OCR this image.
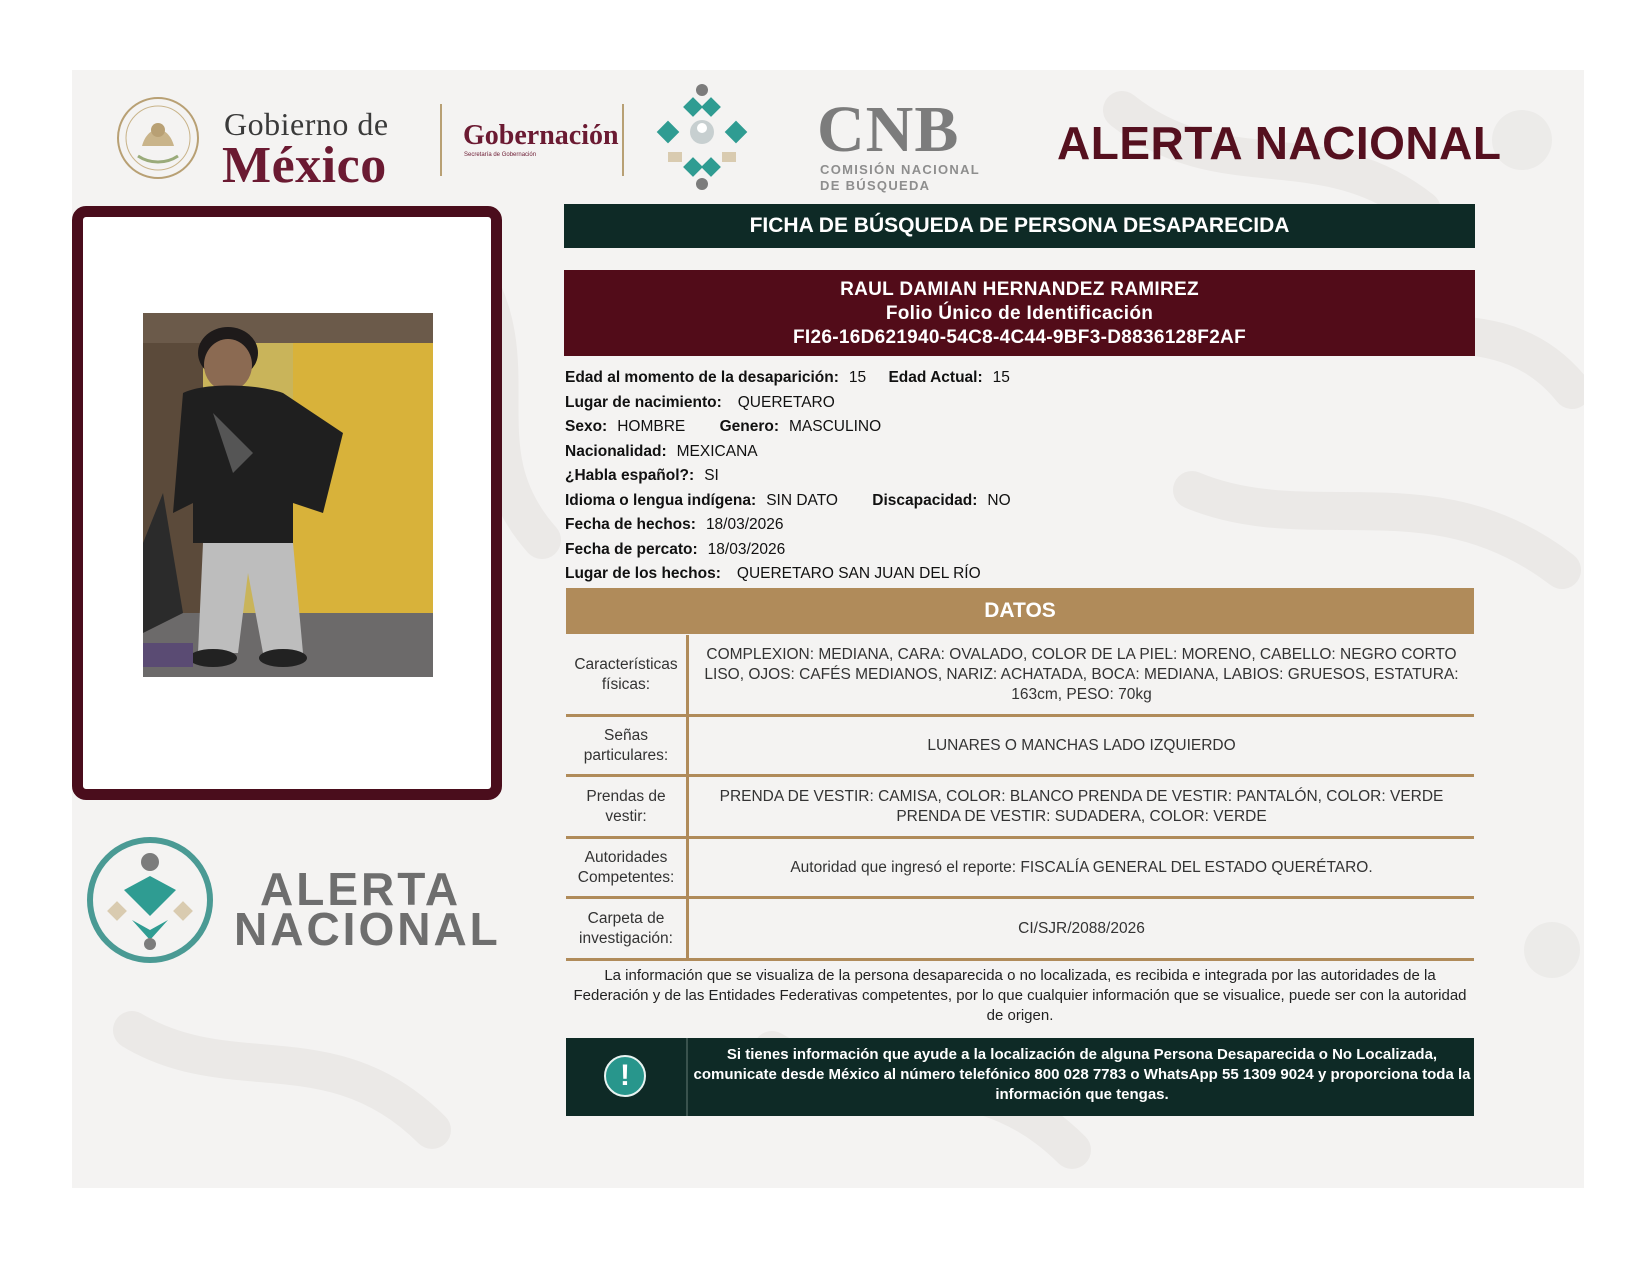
Gobierno de
México
Gobernación
Secretaría de Gobernación	CNB
COMISIÓN NACIONAL
DE BÚSQUEDA
ALERTA NACIONAL
ALERTA
NACIONAL
FICHA DE BÚSQUEDA DE PERSONA DESAPARECIDA
RAUL DAMIAN HERNANDEZ RAMIREZ
Folio Único de Identificación
FI26-16D621940-54C8-4C44-9BF3-D8836128F2AF
Edad al momento de la desaparición: 15 Edad Actual: 15
Lugar de nacimiento: QUERETARO
Sexo: HOMBRE Genero: MASCULINO
Nacionalidad: MEXICANA
¿Habla español?: SI
Idioma o lengua indígena: SIN DATO Discapacidad: NO
Fecha de hechos: 18/03/2026
Fecha de percato: 18/03/2026
Lugar de los hechos: QUERETARO SAN JUAN DEL RÍO
DATOS
Características físicas:
COMPLEXION: MEDIANA, CARA: OVALADO, COLOR DE LA PIEL: MORENO, CABELLO: NEGRO CORTO LISO, OJOS: CAFÉS MEDIANOS, NARIZ: ACHATADA, BOCA: MEDIANA, LABIOS: GRUESOS, ESTATURA: 163cm, PESO: 70kg
Señas particulares:
LUNARES O MANCHAS LADO IZQUIERDO
Prendas de vestir:
PRENDA DE VESTIR: CAMISA, COLOR: BLANCO PRENDA DE VESTIR: PANTALÓN, COLOR: VERDE PRENDA DE VESTIR: SUDADERA, COLOR: VERDE
Autoridades Competentes:
Autoridad que ingresó el reporte: FISCALÍA GENERAL DEL ESTADO QUERÉTARO.
Carpeta de investigación:
CI/SJR/2088/2026
La información que se visualiza de la persona desaparecida o no localizada, es recibida e integrada por las autoridades de la Federación y de las Entidades Federativas competentes, por lo que cualquier información que se visualice, puede ser con la autoridad de origen.
!
Si tienes información que ayude a la localización de alguna Persona Desaparecida o No Localizada, comunicate desde México al número telefónico 800 028 7783 o WhatsApp 55 1309 9024 y proporciona toda la información que tengas.
